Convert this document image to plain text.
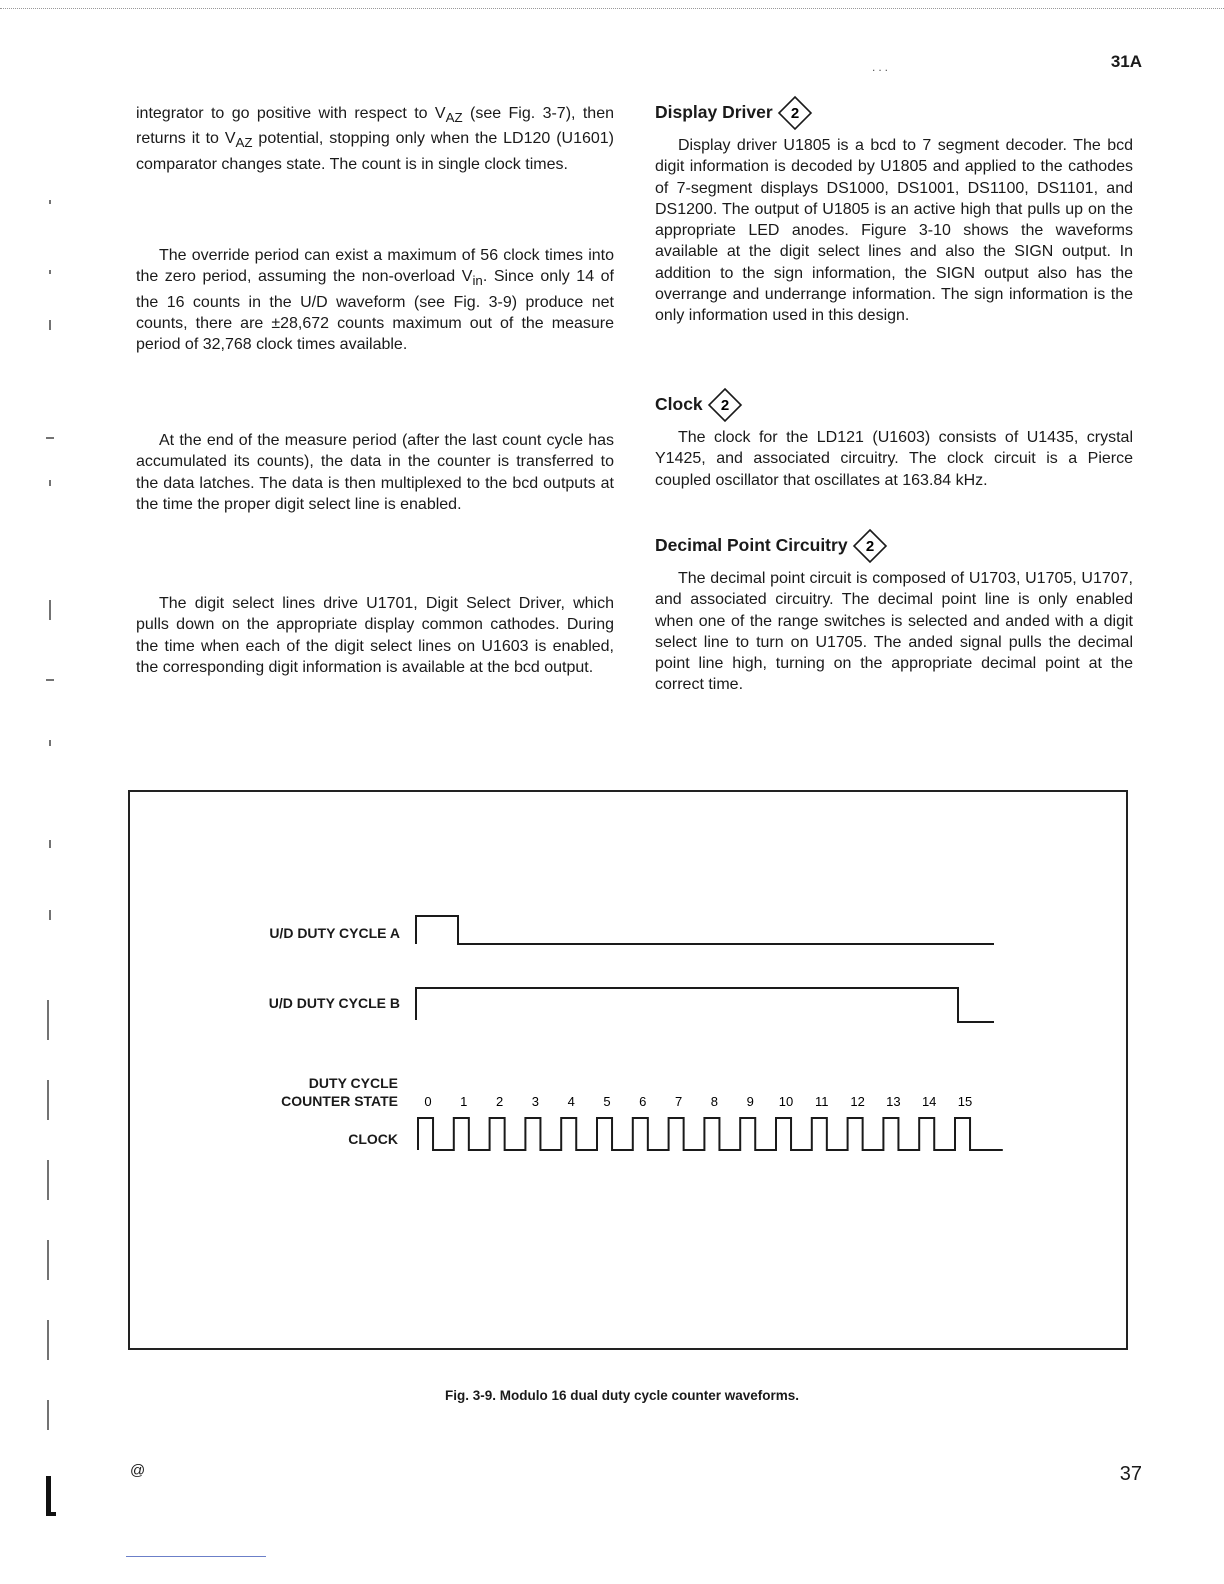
...	31A

integrator to go positive with respect to $V_{AZ}$ (see Fig. 3-7), then returns it to $V_{AZ}$ potential, stopping only when the LD120 (U1601) comparator changes state. The count is in single clock times.

The override period can exist a maximum of 56 clock times into the zero period, assuming the non-overload $V_{in}$. Since only 14 of the 16 counts in the U/D waveform (see Fig. 3-9) produce net counts, there are ±28,672 counts maximum out of the measure period of 32,768 clock times available.

At the end of the measure period (after the last count cycle has accumulated its counts), the data in the counter is transferred to the data latches. The data is then multiplexed to the bcd outputs at the time the proper digit select line is enabled.

The digit select lines drive U1701, Digit Select Driver, which pulls down on the appropriate display common cathodes. During the time when each of the digit select lines on U1603 is enabled, the corresponding digit information is available at the bcd output.

Display Driver 2

Display driver U1805 is a bcd to 7 segment decoder. The bcd digit information is decoded by U1805 and applied to the cathodes of 7-segment displays DS1000, DS1001, DS1100, DS1101, and DS1200. The output of U1805 is an active high that pulls up on the appropriate LED anodes. Figure 3-10 shows the waveforms available at the digit select lines and also the SIGN output. In addition to the sign information, the SIGN output also has the overrange and underrange information. The sign information is the only information used in this design.

Clock 2

The clock for the LD121 (U1603) consists of U1435, crystal Y1425, and associated circuitry. The clock circuit is a Pierce coupled oscillator that oscillates at 163.84 kHz.

Decimal Point Circuitry 2

The decimal point circuit is composed of U1703, U1705, U1707, and associated circuitry. The decimal point line is only enabled when one of the range switches is selected and anded with a digit select line to turn on U1705. The anded signal pulls the decimal point line high, turning on the appropriate decimal point at the correct time.

U/D DUTY CYCLE A
U/D DUTY CYCLE B
DUTY CYCLE
COUNTER STATE
CLOCK
0 1 2 3 4 5 6 7 8 9 10 11 12 13 14 15
Fig. 3-9. Modulo 16 dual duty cycle counter waveforms.
@	37
